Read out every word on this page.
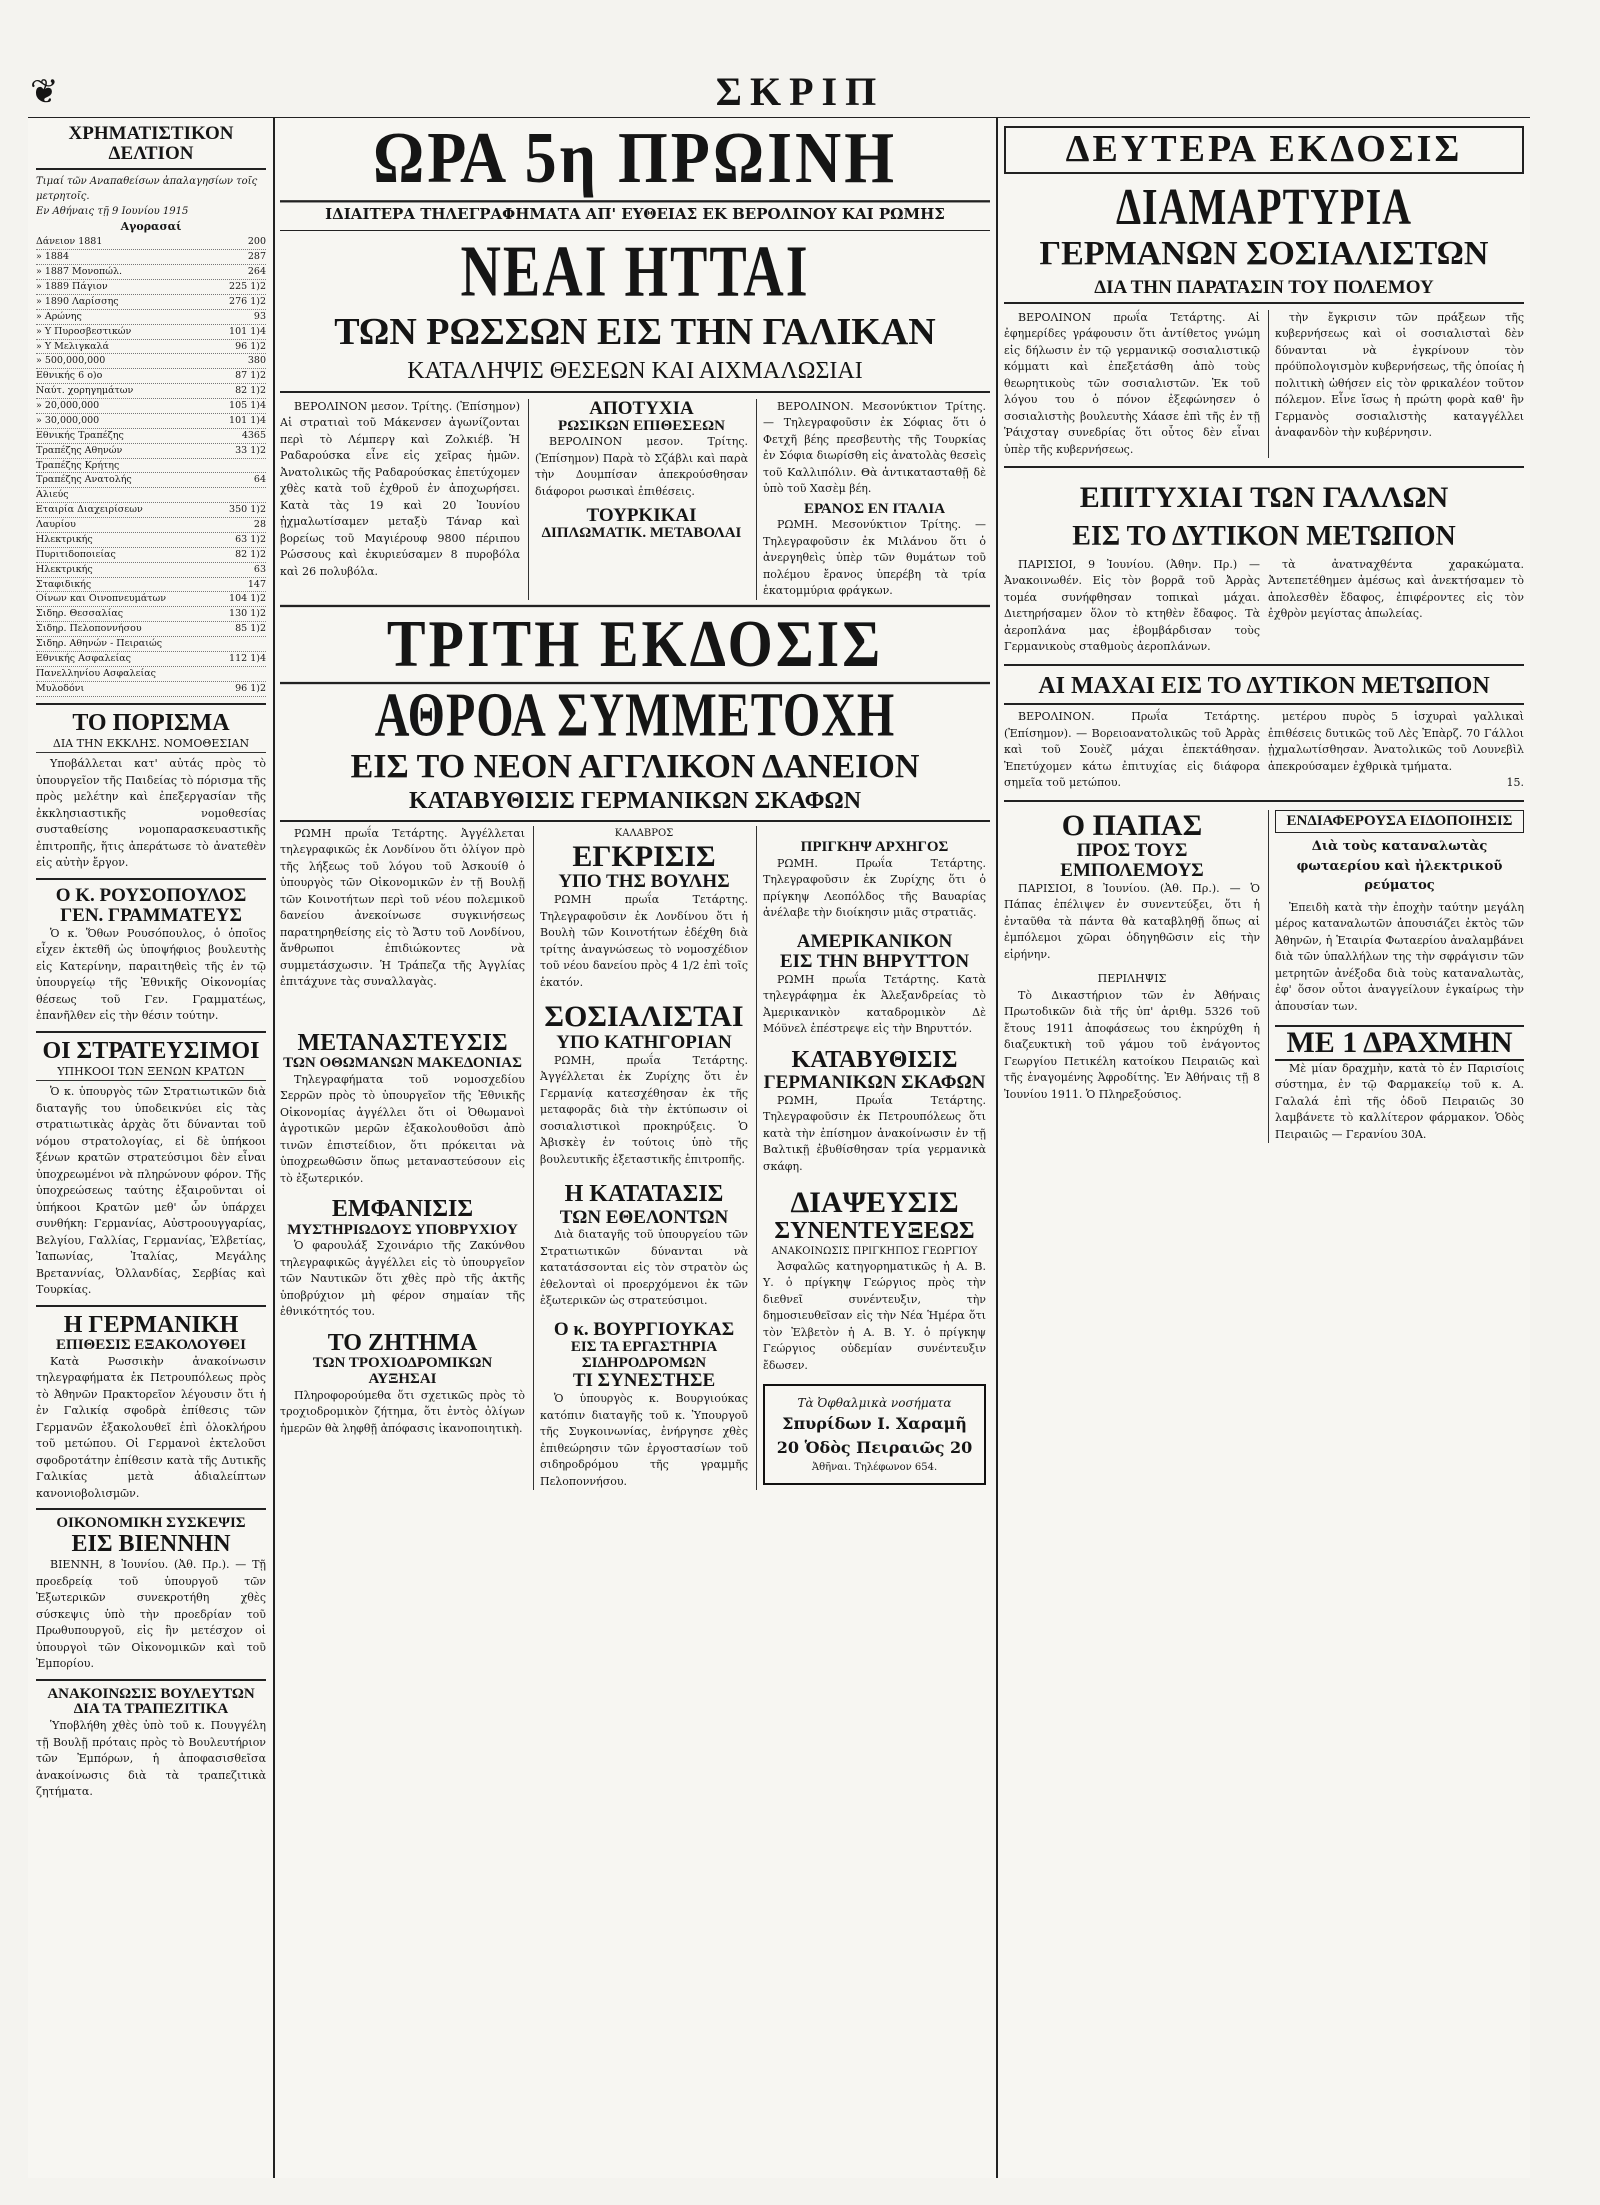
ΣΚΡΙΠ
❦
ΧΡΗΜΑΤΙΣΤΙΚΟΝ ΔΕΛΤΙΟΝ
Τιμαί τῶν Αναπαθείσων ἀπαλαγησίων τοῖς μετρητοῖς.
Εν Αθήναις τῇ 9 Ιουνίου 1915
Αγορασαί
Δάνειον 1881	200
» 1884	287
» 1887 Μονοπώλ.	264
» 1889 Πάγιον	225 1)2
» 1890 Λαρίσσης	276 1)2
» Αρώνης	93
» Υ Πυροσβεστικών	101 1)4
» Υ Μελιγκαλά	96 1)2
» 500,000,000	380
Εθνικής 6 ο)ο	87 1)2
Ναύτ. χορηγημάτων	82 1)2
» 20,000,000	105 1)4
» 30,000,000	101 1)4
Εθνικής Τραπέζης	4365
Τραπέζης Αθηνών	33 1)2
Τραπέζης Κρήτης
Τραπέζης Ανατολής	64
Αλιεύς
Εταιρία Διαχειρίσεων	350 1)2
Λαυρίου	28
Ηλεκτρικής	63 1)2
Πυριτιδοποιείας	82 1)2
Ηλεκτρικής	63
Σταφιδικής	147
Οίνων και Οινοπνευμάτων	104 1)2
Σιδηρ. Θεσσαλίας	130 1)2
Σιδηρ. Πελοποννήσου	85 1)2
Σιδηρ. Αθηνών - Πειραιώς
Εθνικής Ασφαλείας	112 1)4
Πανελληνίου Ασφαλείας
Μυλοδόνι	96 1)2
ΤΟ ΠΟΡΙΣΜΑ
ΔΙΑ ΤΗΝ ΕΚΚΛΗΣ. ΝΟΜΟΘΕΣΙΑΝ

Υποβάλλεται κατ' αὐτάς πρὸς τὸ ὑπουργεῖον τῆς Παιδείας τὸ πόρισμα τῆς πρὸς μελέτην καὶ ἐπεξεργασίαν τῆς ἐκκλησιαστικῆς νομοθεσίας συσταθείσης νομοπαρασκευαστικῆς ἐπιτροπῆς, ἥτις ἀπεράτωσε τὸ ἀνατεθὲν εἰς αὐτὴν ἔργον.

Ο Κ. ΡΟΥΣΟΠΟΥΛΟΣ
ΓΕΝ. ΓΡΑΜΜΑΤΕΥΣ

Ὁ κ. Ὅθων Ρουσόπουλος, ὁ ὁποῖος εἶχεν ἐκτεθῆ ὡς ὑποψήφιος βουλευτὴς εἰς Κατερίνην, παραιτηθεὶς τῆς ἐν τῷ ὑπουργείῳ τῆς Ἐθνικῆς Οἰκονομίας θέσεως τοῦ Γεν. Γραμματέως, ἐπανῆλθεν εἰς τὴν θέσιν τούτην.

ΟΙ ΣΤΡΑΤΕΥΣΙΜΟΙ
ΥΠΗΚΟΟΙ ΤΩΝ ΞΕΝΩΝ ΚΡΑΤΩΝ

Ὁ κ. ὑπουργὸς τῶν Στρατιωτικῶν διὰ διαταγῆς του ὑποδεικνύει εἰς τὰς στρατιωτικὰς ἀρχὰς ὅτι δύνανται τοῦ νόμου στρατολογίας, εἰ δὲ ὑπήκοοι ξένων κρατῶν στρατεύσιμοι δὲν εἶναι ὑποχρεωμένοι νὰ πληρώνουν φόρον. Τῆς ὑποχρεώσεως ταύτης ἐξαιροῦνται οἱ ὑπήκοοι Κρατῶν μεθ' ὧν ὑπάρχει συνθήκη: Γερμανίας, Αὐστροουγγαρίας, Βελγίου, Γαλλίας, Γερμανίας, Ἐλβετίας, Ἰαπωνίας, Ἰταλίας, Μεγάλης Βρεταννίας, Ὀλλανδίας, Σερβίας καὶ Τουρκίας.

Η ΓΕΡΜΑΝΙΚΗ
ΕΠΙΘΕΣΙΣ ΕΞΑΚΟΛΟΥΘΕΙ

Κατὰ Ρωσσικὴν ἀνακοίνωσιν τηλεγραφήματα ἐκ Πετρουπόλεως πρὸς τὸ Ἀθηνῶν Πρακτορεῖον λέγουσιν ὅτι ἡ ἐν Γαλικίᾳ σφοδρὰ ἐπίθεσις τῶν Γερμανῶν ἐξακολουθεῖ ἐπὶ ὁλοκλήρου τοῦ μετώπου. Οἱ Γερμανοὶ ἐκτελοῦσι σφοδροτάτην ἐπίθεσιν κατὰ τῆς Δυτικῆς Γαλικίας μετὰ ἀδιαλείπτων κανονιοβολισμῶν.

ΟΙΚΟΝΟΜΙΚΗ ΣΥΣΚΕΨΙΣ
ΕΙΣ ΒΙΕΝΝΗΝ

ΒΙΕΝΝΗ, 8 Ἰουνίου. (Ἀθ. Πρ.). — Τῇ προεδρείᾳ τοῦ ὑπουργοῦ τῶν Ἐξωτερικῶν συνεκροτήθη χθὲς σύσκεψις ὑπὸ τὴν προεδρίαν τοῦ Πρωθυπουργοῦ, εἰς ἣν μετέσχον οἱ ὑπουργοὶ τῶν Οἰκονομικῶν καὶ τοῦ Ἐμπορίου.

ΑΝΑΚΟΙΝΩΣΙΣ ΒΟΥΛΕΥΤΩΝ
ΔΙΑ ΤΑ ΤΡΑΠΕΖΙΤΙΚΑ

Ὑποβλήθη χθὲς ὑπὸ τοῦ κ. Πουγγέλη τῇ Βουλῇ πρόταις πρὸς τὸ Βουλευτήριον τῶν Ἐμπόρων, ἡ ἀποφασισθεῖσα ἀνακοίνωσις διὰ τὰ τραπεζιτικὰ ζητήματα.

ΩΡΑ 5η ΠΡΩΙΝΗ
ΙΔΙΑΙΤΕΡΑ ΤΗΛΕΓΡΑΦΗΜΑΤΑ ΑΠ' ΕΥΘΕΙΑΣ ΕΚ ΒΕΡΟΛΙΝΟΥ ΚΑΙ ΡΩΜΗΣ
ΝΕΑΙ ΗΤΤΑΙ
ΤΩΝ ΡΩΣΣΩΝ ΕΙΣ ΤΗΝ ΓΑΛΙΚΑΝ
ΚΑΤΑΛΗΨΙΣ ΘΕΣΕΩΝ ΚΑΙ ΑΙΧΜΑΛΩΣΙΑΙ

ΒΕΡΟΛΙΝΟΝ μεσον. Τρίτης. (Ἐπίσημον) Αἱ στρατιαὶ τοῦ Μάκενσεν ἀγωνίζονται περὶ τὸ Λέμπεργ καὶ Ζολκιέβ. Ἡ Ραδαρούσκα εἶνε εἰς χεῖρας ἡμῶν. Ἀνατολικῶς τῆς Ραδαρούσκας ἐπετύχομεν χθὲς κατὰ τοῦ ἐχθροῦ ἐν ἀποχωρήσει. Κατὰ τὰς 19 καὶ 20 Ἰουνίου ᾐχμαλωτίσαμεν μεταξὺ Τάναρ καὶ βορείως τοῦ Μαγιέρουφ 9800 πέριπου Ρώσσους καὶ ἐκυριεύσαμεν 8 πυροβόλα καὶ 26 πολυβόλα.

ΑΠΟΤΥΧΙΑ
ΡΩΣΙΚΩΝ ΕΠΙΘΕΣΕΩΝ

ΒΕΡΟΛΙΝΟΝ μεσον. Τρίτης. (Ἐπίσημον) Παρὰ τὸ Σζάβλι καὶ παρὰ τὴν Δουμπίσαν ἀπεκρούσθησαν διάφοροι ρωσικαὶ ἐπιθέσεις.

ΤΟΥΡΚΙΚΑΙ
ΔΙΠΛΩΜΑΤΙΚ. ΜΕΤΑΒΟΛΑΙ

ΒΕΡΟΛΙΝΟΝ. Μεσονύκτιον Τρίτης. — Τηλεγραφοῦσιν ἐκ Σόφιας ὅτι ὁ Φετχῆ βέης πρεσβευτὴς τῆς Τουρκίας ἐν Σόφια διωρίσθη εἰς ἀνατολὰς θεσεὶς τοῦ Καλλιπόλιν. Θὰ ἀντικατασταθῇ δὲ ὑπὸ τοῦ Χασὲμ βέη.

ΕΡΑΝΟΣ ΕΝ ΙΤΑΛΙΑ

ΡΩΜΗ. Μεσονύκτιον Τρίτης. — Τηλεγραφοῦσιν ἐκ Μιλάνου ὅτι ὁ ἀνεργηθεὶς ὑπὲρ τῶν θυμάτων τοῦ πολέμου ἔρανος ὑπερέβη τὰ τρία ἑκατομμύρια φράγκων.

ΤΡΙΤΗ ΕΚΔΟΣΙΣ
ΑΘΡΟΑ ΣΥΜΜΕΤΟΧΗ
ΕΙΣ ΤΟ ΝΕΟΝ ΑΓΓΛΙΚΟΝ ΔΑΝΕΙΟΝ
ΚΑΤΑΒΥΘΙΣΙΣ ΓΕΡΜΑΝΙΚΩΝ ΣΚΑΦΩΝ

ΡΩΜΗ πρωΐα Τετάρτης. Ἀγγέλλεται τηλεγραφικῶς ἐκ Λονδίνου ὅτι ὀλίγον πρὸ τῆς λήξεως τοῦ λόγου τοῦ Ἀσκουίθ ὁ ὑπουργὸς τῶν Οἰκονομικῶν ἐν τῇ Βουλῇ τῶν Κοινοτήτων περὶ τοῦ νέου πολεμικοῦ δανείου ἀνεκοίνωσε συγκινήσεως παρατηρηθείσης εἰς τὸ Ἄστυ τοῦ Λονδίνου, ἄνθρωποι ἐπιδιώκοντες νὰ συμμετάσχωσιν. Ἡ Τράπεζα τῆς Ἀγγλίας ἐπιτάχυνε τὰς συναλλαγὰς.

ΜΕΤΑΝΑΣΤΕΥΣΙΣ
ΤΩΝ ΟΘΩΜΑΝΩΝ ΜΑΚΕΔΟΝΙΑΣ

Τηλεγραφήματα τοῦ νομοσχεδίου Σερρῶν πρὸς τὸ ὑπουργεῖον τῆς Ἐθνικῆς Οἰκονομίας ἀγγέλλει ὅτι οἱ Ὀθωμανοὶ ἀγροτικῶν μερῶν ἐξακολουθοῦσι ἀπὸ τινῶν ἐπιστείδιον, ὅτι πρόκειται νὰ ὑποχρεωθῶσιν ὅπως μεταναστεύσουν εἰς τὸ ἐξωτερικόν.

ΕΜΦΑΝΙΣΙΣ
ΜΥΣΤΗΡΙΩΔΟΥΣ ΥΠΟΒΡΥΧΙΟΥ

Ὁ φαρουλάξ Σχοινάριο τῆς Ζακύνθου τηλεγραφικῶς ἀγγέλλει εἰς τὸ ὑπουργεῖον τῶν Ναυτικῶν ὅτι χθὲς πρὸ τῆς ἀκτῆς ὑποβρύχιον μὴ φέρον σημαίαν τῆς ἐθνικότητός του.

ΤΟ ΖΗΤΗΜΑ
ΤΩΝ ΤΡΟΧΙΟΔΡΟΜΙΚΩΝ ΑΥΞΗΣΑΙ

Πληροφορούμεθα ὅτι σχετικῶς πρὸς τὸ τροχιοδρομικὸν ζήτημα, ὅτι ἐντὸς ὀλίγων ἡμερῶν θὰ ληφθῇ ἀπόφασις ἱκανοποιητικὴ.

ΚΑΛΑΒΡΟΣ
ΕΓΚΡΙΣΙΣ
ΥΠΟ ΤΗΣ ΒΟΥΛΗΣ

ΡΩΜΗ πρωΐα Τετάρτης. Τηλεγραφοῦσιν ἐκ Λονδίνου ὅτι ἡ Βουλὴ τῶν Κοινοτήτων ἐδέχθη διὰ τρίτης ἀναγνώσεως τὸ νομοσχέδιον τοῦ νέου δανείου πρὸς 4 1/2 ἐπὶ τοῖς ἑκατόν.

ΣΟΣΙΑΛΙΣΤΑΙ
ΥΠΟ ΚΑΤΗΓΟΡΙΑΝ

ΡΩΜΗ, πρωΐα Τετάρτης. Ἀγγέλλεται ἐκ Ζυρίχης ὅτι ἐν Γερμανίᾳ κατεσχέθησαν ἐκ τῆς μεταφορᾶς διὰ τὴν ἐκτύπωσιν οἱ σοσιαλιστικοὶ προκηρύξεις. Ὁ Ἀβισκὲγ ἐν τούτοις ὑπὸ τῆς βουλευτικῆς ἐξεταστικῆς ἐπιτροπῆς.

Η ΚΑΤΑΤΑΣΙΣ
ΤΩΝ ΕΘΕΛΟΝΤΩΝ

Διὰ διαταγῆς τοῦ ὑπουργείου τῶν Στρατιωτικῶν δύνανται νὰ κατατάσσονται εἰς τὸν στρατὸν ὡς ἐθελονταὶ οἱ προερχόμενοι ἐκ τῶν ἐξωτερικῶν ὡς στρατεύσιμοι.

Ο κ. ΒΟΥΡΓΙΟΥΚΑΣ
ΕΙΣ ΤΑ ΕΡΓΑΣΤΗΡΙΑ ΣΙΔΗΡΟΔΡΟΜΩΝ
ΤΙ ΣΥΝΕΣΤΗΣΕ

Ὁ ὑπουργὸς κ. Βουργιούκας κατόπιν διαταγῆς τοῦ κ. Ὑπουργοῦ τῆς Συγκοινωνίας, ἐνήργησε χθὲς ἐπιθεώρησιν τῶν ἐργοστασίων τοῦ σιδηροδρόμου τῆς γραμμῆς Πελοποννήσου.

ΠΡΙΓΚΗΨ ΑΡΧΗΓΟΣ

ΡΩΜΗ. Πρωΐα Τετάρτης. Τηλεγραφοῦσιν ἐκ Ζυρίχης ὅτι ὁ πρίγκηψ Λεοπόλδος τῆς Βαυαρίας ἀνέλαβε τὴν διοίκησιν μιᾶς στρατιᾶς.

ΑΜΕΡΙΚΑΝΙΚΟΝ
ΕΙΣ ΤΗΝ ΒΗΡΥΤΤΟΝ

ΡΩΜΗ πρωΐα Τετάρτης. Κατὰ τηλεγράφημα ἐκ Ἀλεξανδρείας τὸ Ἀμερικανικὸν καταδρομικὸν Δὲ Μόϋνελ ἐπέστρεψε εἰς τὴν Βηρυττόν.

ΚΑΤΑΒΥΘΙΣΙΣ
ΓΕΡΜΑΝΙΚΩΝ ΣΚΑΦΩΝ

ΡΩΜΗ, Πρωΐα Τετάρτης. Τηλεγραφοῦσιν ἐκ Πετρουπόλεως ὅτι κατὰ τὴν ἐπίσημον ἀνακοίνωσιν ἐν τῇ Βαλτικῇ ἐβυθίσθησαν τρία γερμανικὰ σκάφη.

ΔΙΑΨΕΥΣΙΣ
ΣΥΝΕΝΤΕΥΞΕΩΣ
ΑΝΑΚΟΙΝΩΣΙΣ ΠΡΙΓΚΗΠΟΣ ΓΕΩΡΓΙΟΥ

Ἀσφαλῶς κατηγορηματικῶς ἡ Α. Β. Υ. ὁ πρίγκηψ Γεώργιος πρὸς τὴν διεθνεῖ συνέντευξιν, τὴν δημοσιευθεῖσαν εἰς τὴν Νέα Ἡμέρα ὅτι τὸν Ἐλβετὸν ἡ Α. Β. Υ. ὁ πρίγκηψ Γεώργιος οὐδεμίαν συνέντευξιν ἔδωσεν.

Τὰ Ὀφθαλμικὰ νοσήματα
Σπυρίδων Ι. Χαραμῆ
20 Ὁδὸς Πειραιῶς 20
Ἀθῆναι. Τηλέφωνον 654.
ΔΕΥΤΕΡΑ ΕΚΔΟΣΙΣ
ΔΙΑΜΑΡΤΥΡΙΑ
ΓΕΡΜΑΝΩΝ ΣΟΣΙΑΛΙΣΤΩΝ
ΔΙΑ ΤΗΝ ΠΑΡΑΤΑΣΙΝ ΤΟΥ ΠΟΛΕΜΟΥ

ΒΕΡΟΛΙΝΟΝ πρωΐα Τετάρτης. Αἱ ἐφημερίδες γράφουσιν ὅτι ἀντίθετος γνώμη εἰς δήλωσιν ἐν τῷ γερμανικῷ σοσιαλιστικῷ κόμματι καὶ ἐπεξετάσθη ἀπὸ τοὺς θεωρητικοὺς τῶν σοσιαλιστῶν. Ἐκ τοῦ λόγου του ὁ πόνον ἐξεφώνησεν ὁ σοσιαλιστὴς βουλευτὴς Χάασε ἐπὶ τῆς ἐν τῇ Ῥάιχσταγ συνεδρίας ὅτι οὗτος δὲν εἶναι ὑπὲρ τῆς κυβερνήσεως.

τὴν ἔγκρισιν τῶν πράξεων τῆς κυβερνήσεως καὶ οἱ σοσιαλισταὶ δὲν δύνανται νὰ ἐγκρίνουν τὸν πρόϋπολογισμὸν κυβερνήσεως, τῆς ὁποίας ἡ πολιτικὴ ὠθήσεν εἰς τὸν φρικαλέον τοῦτον πόλεμον. Εἶνε ἴσως ἡ πρώτη φορὰ καθ' ἣν Γερμανὸς σοσιαλιστὴς καταγγέλλει ἀναφανδὸν τὴν κυβέρνησιν.

ΕΠΙΤΥΧΙΑΙ ΤΩΝ ΓΑΛΛΩΝ
ΕΙΣ ΤΟ ΔΥΤΙΚΟΝ ΜΕΤΩΠΟΝ

ΠΑΡΙΣΙΟΙ, 9 Ἰουνίου. (Ἀθην. Πρ.) — Ἀνακοινωθέν. Εἰς τὸν βορρᾶ τοῦ Ἀρρὰς τομέα συνήφθησαν τοπικαὶ μάχαι. Διετηρήσαμεν ὅλον τὸ κτηθὲν ἔδαφος. Τὰ ἀεροπλάνα μας ἐβομβάρδισαν τοὺς Γερμανικοὺς σταθμοὺς ἀεροπλάνων.

τὰ ἀνατναχθέντα χαρακώματα. Ἀντεπετέθημεν ἀμέσως καὶ ἀνεκτήσαμεν τὸ ἀπολεσθὲν ἔδαφος, ἐπιφέροντες εἰς τὸν ἐχθρὸν μεγίστας ἀπωλείας.

ΑΙ ΜΑΧΑΙ ΕΙΣ ΤΟ ΔΥΤΙΚΟΝ ΜΕΤΩΠΟΝ

ΒΕΡΟΛΙΝΟΝ. Πρωΐα Τετάρτης. (Ἐπίσημον). — Βορειοανατολικῶς τοῦ Ἀρρὰς καὶ τοῦ Σουὲζ μάχαι ἐπεκτάθησαν. Ἐπετύχομεν κάτω ἐπιτυχίας εἰς διάφορα σημεῖα τοῦ μετώπου.

μετέρου πυρὸς 5 ἰσχυραὶ γαλλικαὶ ἐπιθέσεις δυτικῶς τοῦ Λὲς Ἐπὰρζ. 70 Γάλλοι ᾐχμαλωτίσθησαν. Ἀνατολικῶς τοῦ Λουνεβὶλ ἀπεκρούσαμεν ἐχθρικὰ τμήματα.

15.
Ο ΠΑΠΑΣ
ΠΡΟΣ ΤΟΥΣ ΕΜΠΟΛΕΜΟΥΣ

ΠΑΡΙΣΙΟΙ, 8 Ἰουνίου. (Ἀθ. Πρ.). — Ὁ Πάπας ἐπέλιψεν ἐν συνεντεύξει, ὅτι ἡ ἐνταῦθα τὰ πάντα θὰ καταβληθῇ ὅπως αἱ ἐμπόλεμοι χῶραι ὁδηγηθῶσιν εἰς τὴν εἰρήνην.

ΠΕΡΙΛΗΨΙΣ

Τὸ Δικαστήριον τῶν ἐν Ἀθήναις Πρωτοδικῶν διὰ τῆς ὑπ' ἀριθμ. 5326 τοῦ ἔτους 1911 ἀποφάσεως του ἐκηρύχθη ἡ διαζευκτικὴ τοῦ γάμου τοῦ ἐνάγοντος Γεωργίου Πετικέλη κατοίκου Πειραιῶς καὶ τῆς ἐναγομένης Ἀφροδίτης. Ἐν Ἀθήναις τῇ 8 Ἰουνίου 1911. Ὁ Πληρεξούσιος.

ΕΝΔΙΑΦΕΡΟΥΣΑ ΕΙΔΟΠΟΙΗΣΙΣ
Διὰ τοὺς καταναλωτὰς φωταερίου καὶ ἠλεκτρικοῦ ρεύματος

Ἐπειδὴ κατὰ τὴν ἐποχὴν ταύτην μεγάλη μέρος καταναλωτῶν ἀπουσιάζει ἐκτὸς τῶν Ἀθηνῶν, ἡ Ἑταιρία Φωταερίου ἀναλαμβάνει διὰ τῶν ὑπαλλήλων της τὴν σφράγισιν τῶν μετρητῶν ἀνέξοδα διὰ τοὺς καταναλωτὰς, ἐφ' ὅσον οὗτοι ἀναγγείλουν ἐγκαίρως τὴν ἀπουσίαν των.

ΜΕ 1 ΔΡΑΧΜΗΝ

Μὲ μίαν δραχμὴν, κατὰ τὸ ἐν Παρισίοις σύστημα, ἐν τῷ Φαρμακείῳ τοῦ κ. Α. Γαλαλά ἐπὶ τῆς ὁδοῦ Πειραιῶς 30 λαμβάνετε τὸ καλλίτερον φάρμακον. Ὁδὸς Πειραιῶς — Γερανίου 30Α.
